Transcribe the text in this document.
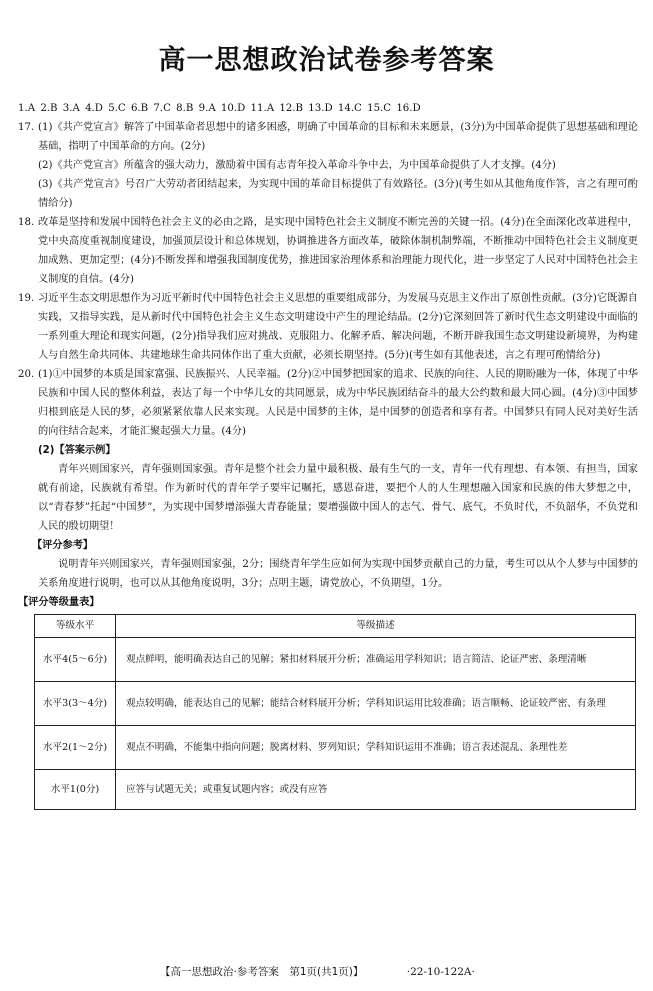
高一思想政治试卷参考答案
1.A 2.B 3.A 4.D 5.C 6.B 7.C 8.B 9.A 10.D 11.A 12.B 13.D 14.C 15.C 16.D
17. (1)《共产党宣言》解答了中国革命者思想中的诸多困惑，明确了中国革命的目标和未来愿景，(3分)为中国革命提供了思想基础和理论基础，指明了中国革命的方向。(2分)
(2)《共产党宣言》所蕴含的强大动力，激励着中国有志青年投入革命斗争中去，为中国革命提供了人才支撑。(4分)
(3)《共产党宣言》号召广大劳动者团结起来，为实现中国的革命目标提供了有效路径。(3分)(考生如从其他角度作答，言之有理可酌情给分)
18. 改革是坚持和发展中国特色社会主义的必由之路，是实现中国特色社会主义制度不断完善的关键一招。(4分)在全面深化改革进程中，党中央高度重视制度建设，加强顶层设计和总体规划，协调推进各方面改革，破除体制机制弊端，不断推动中国特色社会主义制度更加成熟、更加定型；(4分)不断发挥和增强我国制度优势，推进国家治理体系和治理能力现代化，进一步坚定了人民对中国特色社会主义制度的自信。(4分)
19. 习近平生态文明思想作为习近平新时代中国特色社会主义思想的重要组成部分，为发展马克思主义作出了原创性贡献。(3分)它既源自实践，又指导实践，是从新时代中国特色社会主义生态文明建设中产生的理论结晶。(2分)它深刻回答了新时代生态文明建设中面临的一系列重大理论和现实问题，(2分)指导我们应对挑战、克服阻力、化解矛盾、解决问题，不断开辟我国生态文明建设新境界，为构建人与自然生命共同体、共建地球生命共同体作出了重大贡献，必须长期坚持。(5分)(考生如有其他表述，言之有理可酌情给分)
20. (1)①中国梦的本质是国家富强、民族振兴、人民幸福。(2分)②中国梦把国家的追求、民族的向往、人民的期盼融为一体，体现了中华民族和中国人民的整体利益，表达了每一个中华儿女的共同愿景，成为中华民族团结奋斗的最大公约数和最大同心圆。(4分)③中国梦归根到底是人民的梦，必须紧紧依靠人民来实现。人民是中国梦的主体，是中国梦的创造者和享有者。中国梦只有同人民对美好生活的向往结合起来，才能汇聚起强大力量。(4分)
(2)【答案示例】
青年兴则国家兴，青年强则国家强。青年是整个社会力量中最积极、最有生气的一支，青年一代有理想、有本领、有担当，国家就有前途，民族就有希望。作为新时代的青年学子要牢记嘱托，感恩奋进，要把个人的人生理想融入国家和民族的伟大梦想之中，以“青春梦”托起“中国梦”，为实现中国梦增添强大青春能量；要增强做中国人的志气、骨气、底气，不负时代，不负韶华，不负党和人民的殷切期望！
【评分参考】
说明青年兴则国家兴，青年强则国家强，2分；围绕青年学生应如何为实现中国梦贡献自己的力量，考生可以从个人梦与中国梦的关系角度进行说明，也可以从其他角度说明，3分；点明主题，请党放心，不负期望，1分。
【评分等级量表】
等级水平	等级描述
水平4(5～6分)	观点鲜明，能明确表达自己的见解；紧扣材料展开分析；准确运用学科知识；语言简洁、论证严密、条理清晰
水平3(3～4分)	观点较明确，能表达自己的见解；能结合材料展开分析；学科知识运用比较准确；语言顺畅、论证较严密、有条理
水平2(1～2分)	观点不明确，不能集中指向问题；脱离材料、罗列知识；学科知识运用不准确；语言表述混乱、条理性差
水平1(0分)	应答与试题无关；或重复试题内容；或没有应答
【高一思想政治·参考答案　第1页(共1页)】	·22-10-122A·
